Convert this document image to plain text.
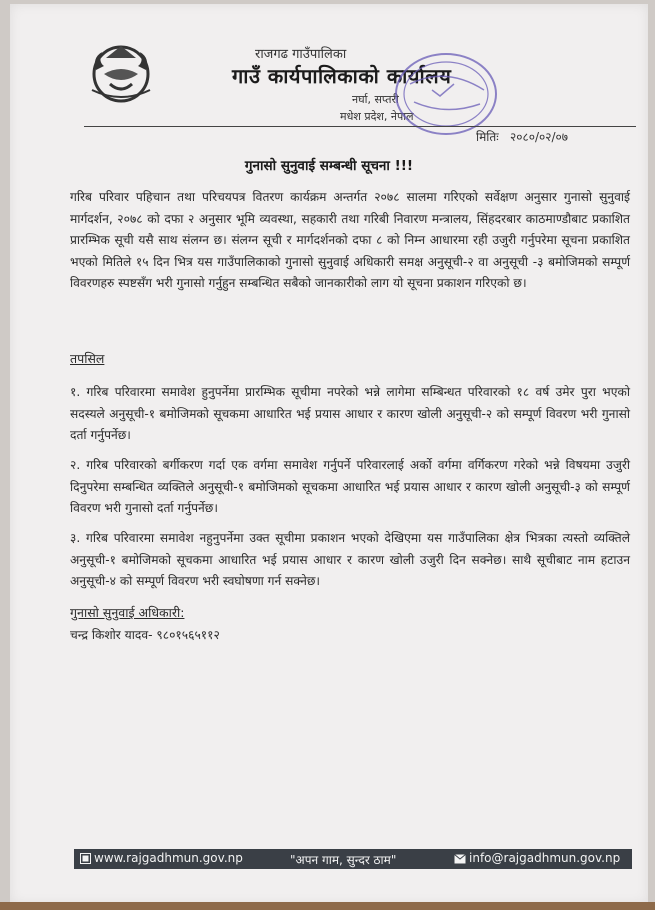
राजगढ गाउँपालिका
गाउँ कार्यपालिकाको कार्यालय
नर्घा, सप्तरी
मधेश प्रदेश, नेपाल
मितिः २०८०/०२/०७
गुनासो सुनुवाई सम्बन्धी सूचना !!!

गरिब परिवार पहिचान तथा परिचयपत्र वितरण कार्यक्रम अन्तर्गत २०७८ सालमा गरिएको सर्वेक्षण अनुसार गुनासो सुनुवाई मार्गदर्शन, २०७८ को दफा २ अनुसार भूमि व्यवस्था, सहकारी तथा गरिबी निवारण मन्त्रालय, सिंहदरबार काठमाण्डौबाट प्रकाशित प्रारम्भिक सूची यसै साथ संलग्न छ। संलग्न सूची र मार्गदर्शनको दफा ८ को निम्न आधारमा रही उजुरी गर्नुपरेमा सूचना प्रकाशित भएको मितिले १५ दिन भित्र यस गाउँपालिकाको गुनासो सुनुवाई अधिकारी समक्ष अनुसूची-२ वा अनुसूची -३ बमोजिमको सम्पूर्ण विवरणहरु स्पष्टसँग भरी गुनासो गर्नुहुन सम्बन्धित सबैको जानकारीको लाग यो सूचना प्रकाशन गरिएको छ।

तपसिल

१. गरिब परिवारमा समावेश हुनुपर्नेमा प्रारम्भिक सूचीमा नपरेको भन्ने लागेमा सम्बिन्धत परिवारको १८ वर्ष उमेर पुरा भएको सदस्यले अनुसूची-१ बमोजिमको सूचकमा आधारित भई प्रयास आधार र कारण खोली अनुसूची-२ को सम्पूर्ण विवरण भरी गुनासो दर्ता गर्नुपर्नेछ।

२. गरिब परिवारको बर्गीकरण गर्दा एक वर्गमा समावेश गर्नुपर्ने परिवारलाई अर्को वर्गमा वर्गिकरण गरेको भन्ने विषयमा उजुरी दिनुपरेमा सम्बन्धित व्यक्तिले अनुसूची-१ बमोजिमको सूचकमा आधारित भई प्रयास आधार र कारण खोली अनुसूची-३ को सम्पूर्ण विवरण भरी गुनासो दर्ता गर्नुपर्नेछ।

३. गरिब परिवारमा समावेश नहुनुपर्नेमा उक्त सूचीमा प्रकाशन भएको देखिएमा यस गाउँपालिका क्षेत्र भित्रका त्यस्तो व्यक्तिले अनुसूची-१ बमोजिमको सूचकमा आधारित भई प्रयास आधार र कारण खोली उजुरी दिन सक्नेछ। साथै सूचीबाट नाम हटाउन अनुसूची-४ को सम्पूर्ण विवरण भरी स्वघोषणा गर्न सक्नेछ।

गुनासो सुनुवाई अधिकारी:
चन्द्र किशोर यादव- ९८०१५६५११२
www.rajgadhmun.gov.np	"अपन गाम, सुन्दर ठाम"	info@rajgadhmun.gov.np
